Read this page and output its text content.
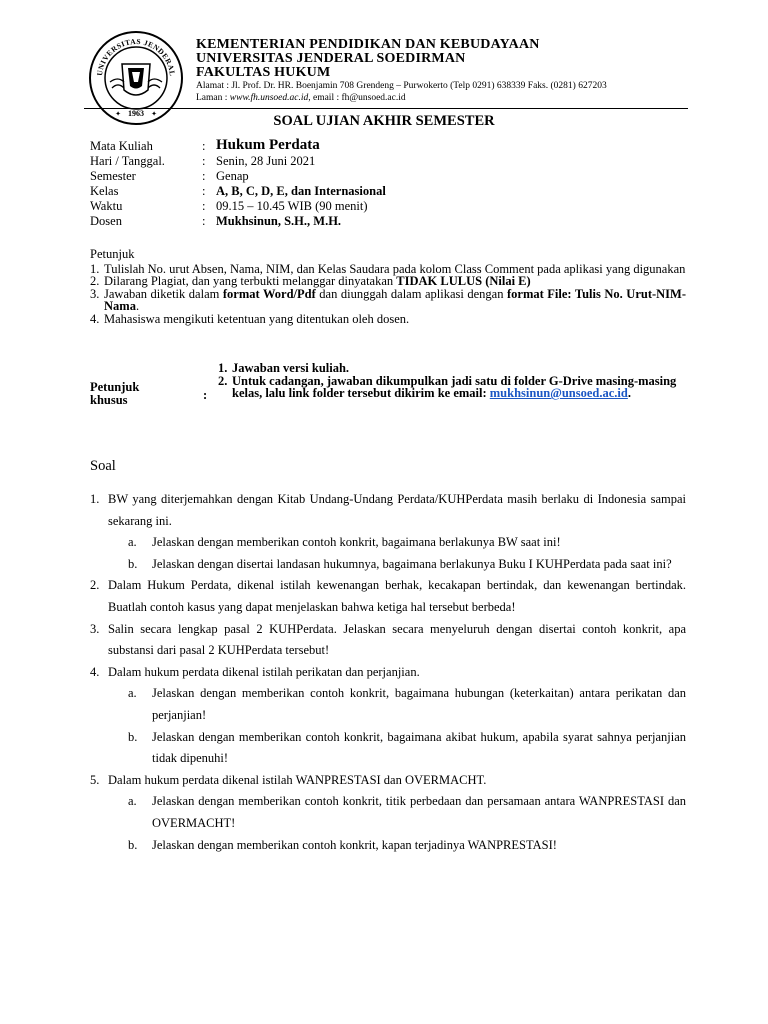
UNIVERSITAS JENDERAL
1963
✦	✦
KEMENTERIAN PENDIDIKAN DAN KEBUDAYAAN
UNIVERSITAS JENDERAL SOEDIRMAN
FAKULTAS HUKUM
Alamat : Jl. Prof. Dr. HR. Boenjamin 708 Grendeng – Purwokerto (Telp 0291) 638339 Faks. (0281) 627203
Laman : www.fh.unsoed.ac.id, email : fh@unsoed.ac.id
SOAL UJIAN AKHIR SEMESTER
Mata Kuliah	: Hukum Perdata
Hari / Tanggal.	: Senin, 28 Juni 2021
Semester	: Genap
Kelas	: A, B, C, D, E, dan Internasional
Waktu	: 09.15 – 10.45 WIB (90 menit)
Dosen	: Mukhsinun, S.H., M.H.
Petunjuk
1. Tulislah No. urut Absen, Nama, NIM, dan Kelas Saudara pada kolom Class Comment pada aplikasi yang digunakan
2. Dilarang Plagiat, dan yang terbukti melanggar dinyatakan TIDAK LULUS (Nilai E)
3. Jawaban diketik dalam format Word/Pdf dan diunggah dalam aplikasi dengan format File: Tulis No. Urut-NIM-Nama.
4. Mahasiswa mengikuti ketentuan yang ditentukan oleh dosen.
Petunjuk
khusus	:
1. Jawaban versi kuliah.
2. Untuk cadangan, jawaban dikumpulkan jadi satu di folder G-Drive masing-masing kelas, lalu link folder tersebut dikirim ke email: mukhsinun@unsoed.ac.id.
Soal
1. BW yang diterjemahkan dengan Kitab Undang-Undang Perdata/KUHPerdata masih berlaku di Indonesia sampai sekarang ini.
a.	Jelaskan dengan memberikan contoh konkrit, bagaimana berlakunya BW saat ini!
b.	Jelaskan dengan disertai landasan hukumnya, bagaimana berlakunya Buku I KUHPerdata pada saat ini?
2. Dalam Hukum Perdata, dikenal istilah kewenangan berhak, kecakapan bertindak, dan kewenangan bertindak. Buatlah contoh kasus yang dapat menjelaskan bahwa ketiga hal tersebut berbeda!
3. Salin secara lengkap pasal 2 KUHPerdata. Jelaskan secara menyeluruh dengan disertai contoh konkrit, apa substansi dari pasal 2 KUHPerdata tersebut!
4. Dalam hukum perdata dikenal istilah perikatan dan perjanjian.
a.	Jelaskan dengan memberikan contoh konkrit, bagaimana hubungan (keterkaitan) antara perikatan dan perjanjian!
b.	Jelaskan dengan memberikan contoh konkrit, bagaimana akibat hukum, apabila syarat sahnya perjanjian tidak dipenuhi!
5. Dalam hukum perdata dikenal istilah WANPRESTASI dan OVERMACHT.
a.	Jelaskan dengan memberikan contoh konkrit, titik perbedaan dan persamaan antara WANPRESTASI dan OVERMACHT!
b.	Jelaskan dengan memberikan contoh konkrit, kapan terjadinya WANPRESTASI!
